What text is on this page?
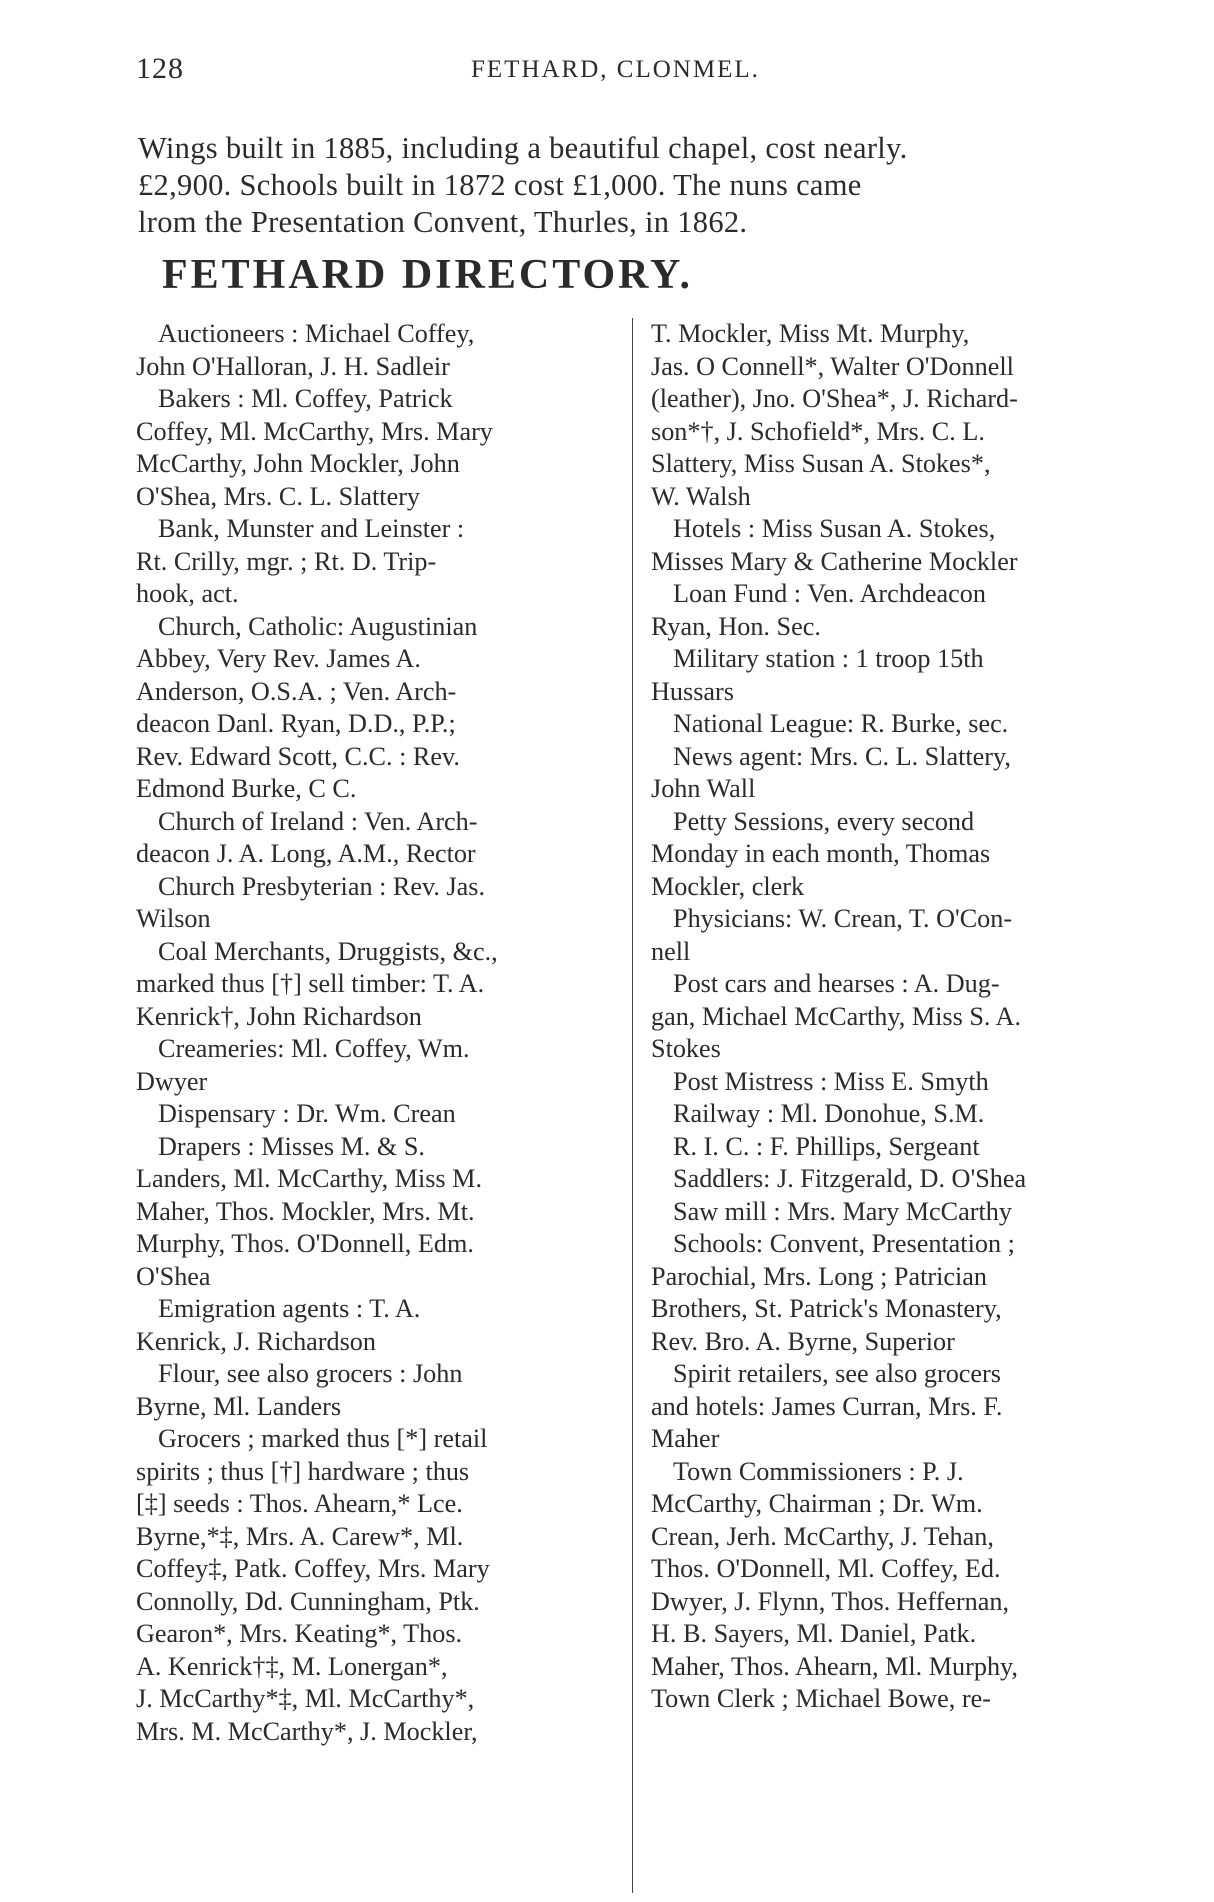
128	FETHARD, CLONMEL.
Wings built in 1885, including a beautiful chapel, cost nearly.
£2,900. Schools built in 1872 cost £1,000. The nuns came
lrom the Presentation Convent, Thurles, in 1862.
FETHARD DIRECTORY.
Auctioneers : Michael Coffey,
John O'Halloran, J. H. Sadleir
Bakers : Ml. Coffey, Patrick
Coffey, Ml. McCarthy, Mrs. Mary
McCarthy, John Mockler, John
O'Shea, Mrs. C. L. Slattery
Bank, Munster and Leinster :
Rt. Crilly, mgr. ; Rt. D. Trip-
hook, act.
Church, Catholic: Augustinian
Abbey, Very Rev. James A.
Anderson, O.S.A. ; Ven. Arch-
deacon Danl. Ryan, D.D., P.P.;
Rev. Edward Scott, C.C. : Rev.
Edmond Burke, C C.
Church of Ireland : Ven. Arch-
deacon J. A. Long, A.M., Rector
Church Presbyterian : Rev. Jas.
Wilson
Coal Merchants, Druggists, &c.,
marked thus [†] sell timber: T. A.
Kenrick†, John Richardson
Creameries: Ml. Coffey, Wm.
Dwyer
Dispensary : Dr. Wm. Crean
Drapers : Misses M. & S.
Landers, Ml. McCarthy, Miss M.
Maher, Thos. Mockler, Mrs. Mt.
Murphy, Thos. O'Donnell, Edm.
O'Shea
Emigration agents : T. A.
Kenrick, J. Richardson
Flour, see also grocers : John
Byrne, Ml. Landers
Grocers ; marked thus [*] retail
spirits ; thus [†] hardware ; thus
[‡] seeds : Thos. Ahearn,* Lce.
Byrne,*‡, Mrs. A. Carew*, Ml.
Coffey‡, Patk. Coffey, Mrs. Mary
Connolly, Dd. Cunningham, Ptk.
Gearon*, Mrs. Keating*, Thos.
A. Kenrick†‡, M. Lonergan*,
J. McCarthy*‡, Ml. McCarthy*,
Mrs. M. McCarthy*, J. Mockler,
T. Mockler, Miss Mt. Murphy,
Jas. O Connell*, Walter O'Donnell
(leather), Jno. O'Shea*, J. Richard-
son*†, J. Schofield*, Mrs. C. L.
Slattery, Miss Susan A. Stokes*,
W. Walsh
Hotels : Miss Susan A. Stokes,
Misses Mary & Catherine Mockler
Loan Fund : Ven. Archdeacon
Ryan, Hon. Sec.
Military station : 1 troop 15th
Hussars
National League: R. Burke, sec.
News agent: Mrs. C. L. Slattery,
John Wall
Petty Sessions, every second
Monday in each month, Thomas
Mockler, clerk
Physicians: W. Crean, T. O'Con-
nell
Post cars and hearses : A. Dug-
gan, Michael McCarthy, Miss S. A.
Stokes
Post Mistress : Miss E. Smyth
Railway : Ml. Donohue, S.M.
R. I. C. : F. Phillips, Sergeant
Saddlers: J. Fitzgerald, D. O'Shea
Saw mill : Mrs. Mary McCarthy
Schools: Convent, Presentation ;
Parochial, Mrs. Long ; Patrician
Brothers, St. Patrick's Monastery,
Rev. Bro. A. Byrne, Superior
Spirit retailers, see also grocers
and hotels: James Curran, Mrs. F.
Maher
Town Commissioners : P. J.
McCarthy, Chairman ; Dr. Wm.
Crean, Jerh. McCarthy, J. Tehan,
Thos. O'Donnell, Ml. Coffey, Ed.
Dwyer, J. Flynn, Thos. Heffernan,
H. B. Sayers, Ml. Daniel, Patk.
Maher, Thos. Ahearn, Ml. Murphy,
Town Clerk ; Michael Bowe, re-
